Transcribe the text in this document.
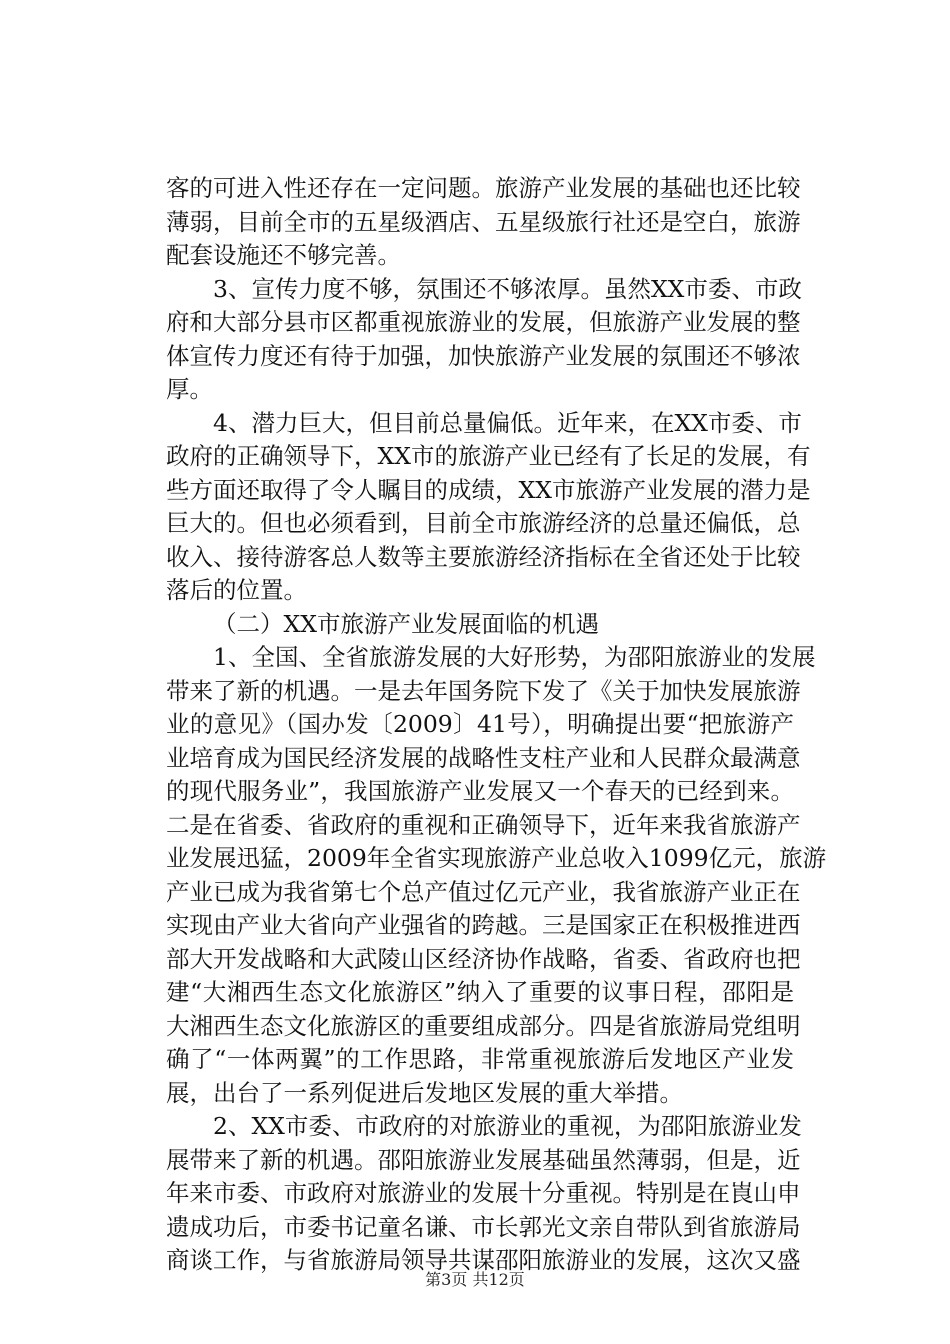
客的可进入性还存在一定问题。旅游产业发展的基础也还比较
薄弱，目前全市的五星级酒店、五星级旅行社还是空白，旅游
配套设施还不够完善。
3、宣传力度不够，氛围还不够浓厚。虽然XX市委、市政
府和大部分县市区都重视旅游业的发展，但旅游产业发展的整
体宣传力度还有待于加强，加快旅游产业发展的氛围还不够浓
厚。
4、潜力巨大，但目前总量偏低。近年来，在XX市委、市
政府的正确领导下，XX市的旅游产业已经有了长足的发展，有
些方面还取得了令人瞩目的成绩，XX市旅游产业发展的潜力是
巨大的。但也必须看到，目前全市旅游经济的总量还偏低，总
收入、接待游客总人数等主要旅游经济指标在全省还处于比较
落后的位置。
（二）XX市旅游产业发展面临的机遇
1、全国、全省旅游发展的大好形势，为邵阳旅游业的发展
带来了新的机遇。一是去年国务院下发了《关于加快发展旅游
业的意见》（国办发〔2009〕41号），明确提出要“把旅游产
业培育成为国民经济发展的战略性支柱产业和人民群众最满意
的现代服务业”，我国旅游产业发展又一个春天的已经到来。
二是在省委、省政府的重视和正确领导下，近年来我省旅游产
业发展迅猛，2009年全省实现旅游产业总收入1099亿元，旅游
产业已成为我省第七个总产值过亿元产业，我省旅游产业正在
实现由产业大省向产业强省的跨越。三是国家正在积极推进西
部大开发战略和大武陵山区经济协作战略，省委、省政府也把
建“大湘西生态文化旅游区”纳入了重要的议事日程，邵阳是
大湘西生态文化旅游区的重要组成部分。四是省旅游局党组明
确了“一体两翼”的工作思路，非常重视旅游后发地区产业发
展，出台了一系列促进后发地区发展的重大举措。
2、XX市委、市政府的对旅游业的重视，为邵阳旅游业发
展带来了新的机遇。邵阳旅游业发展基础虽然薄弱，但是，近
年来市委、市政府对旅游业的发展十分重视。特别是在崀山申
遗成功后，市委书记童名谦、市长郭光文亲自带队到省旅游局
商谈工作，与省旅游局领导共谋邵阳旅游业的发展，这次又盛
第3页 共12页
